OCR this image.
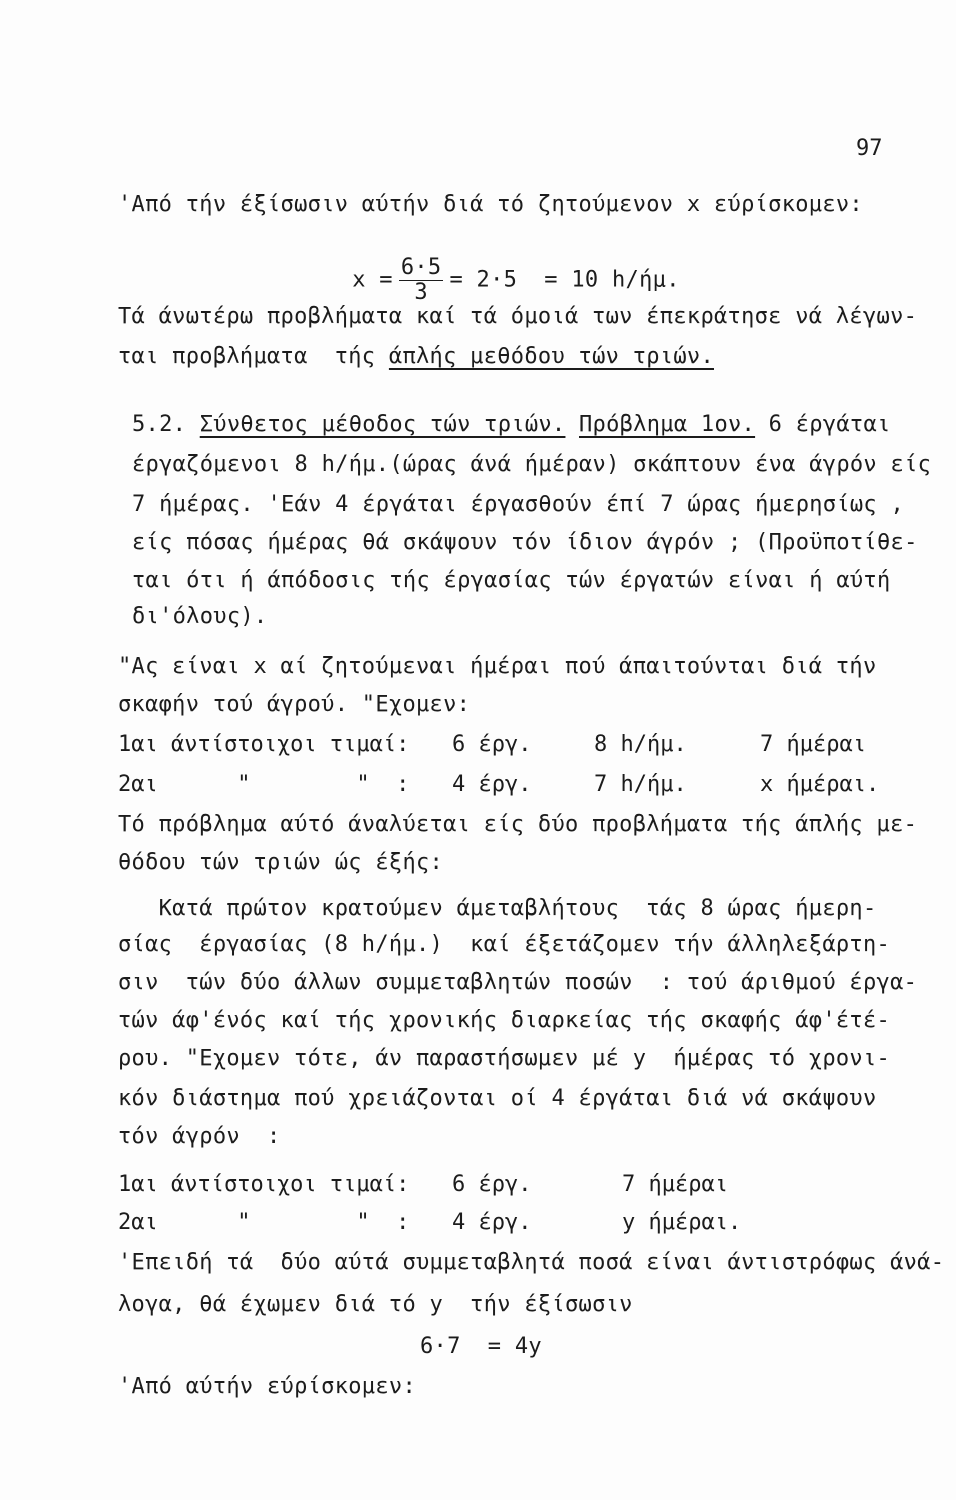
97
'Από τήν έξίσωσιν αύτήν διά τό ζητούμενον x εύρίσκομεν:

$x = \frac{6\cdot 5}{3} = 2\cdot 5 = 10$ h/ήμ.

Τά άνωτέρω προβλήματα καί τά όμοιά των έπεκράτησε νά λέγων-
ται προβλήματα  τής άπλής μεθόδου τών τριών.
5.2. Σύνθετος μέθοδος τών τριών. Πρόβλημα 1ον. 6 έργάται
έργαζόμενοι 8 h/ήμ.(ώρας άνά ήμέραν) σκάπτουν ένα άγρόν είς
7 ήμέρας. 'Εάν 4 έργάται έργασθούν έπί 7 ώρας ήμερησίως ,
είς πόσας ήμέρας θά σκάψουν τόν ίδιον άγρόν ; (Προϋποτίθε-
ται ότι ή άπόδοσις τής έργασίας τών έργατών είναι ή αύτή
δι'όλους).
"Ας είναι x αί ζητούμεναι ήμέραι πού άπαιτούνται διά τήν
σκαφήν τού άγρού. "Εχομεν:
1αι άντίστοιχοι τιμαί: 6 έργ.	8 h/ήμ.	7 ήμέραι
2αι      "        "  : 4 έργ.	7 h/ήμ.	x ήμέραι.
Τό πρόβλημα αύτό άναλύεται είς δύο προβλήματα τής άπλής με-
θόδου τών τριών ώς έξής:
Κατά πρώτον κρατούμεν άμεταβλήτους  τάς 8 ώρας ήμερη-
σίας  έργασίας (8 h/ήμ.)  καί έξετάζομεν τήν άλληλεξάρτη-
σιν  τών δύο άλλων συμμεταβλητών ποσών  : τού άριθμού έργα-
τών άφ'ένός καί τής χρονικής διαρκείας τής σκαφής άφ'έτέ-
ρου. "Εχομεν τότε, άν παραστήσωμεν μέ y  ήμέρας τό χρονι-
κόν διάστημα πού χρειάζονται οί 4 έργάται διά νά σκάψουν
τόν άγρόν  :
1αι άντίστοιχοι τιμαί: 6 έργ.	7 ήμέραι
2αι      "        "  : 4 έργ.	y ήμέραι.
'Επειδή τά  δύο αύτά συμμεταβλητά ποσά είναι άντιστρόφως άνά-
λογα, θά έχωμεν διά τό y  τήν έξίσωσιν
6·7  = 4y
'Από αύτήν εύρίσκομεν:
